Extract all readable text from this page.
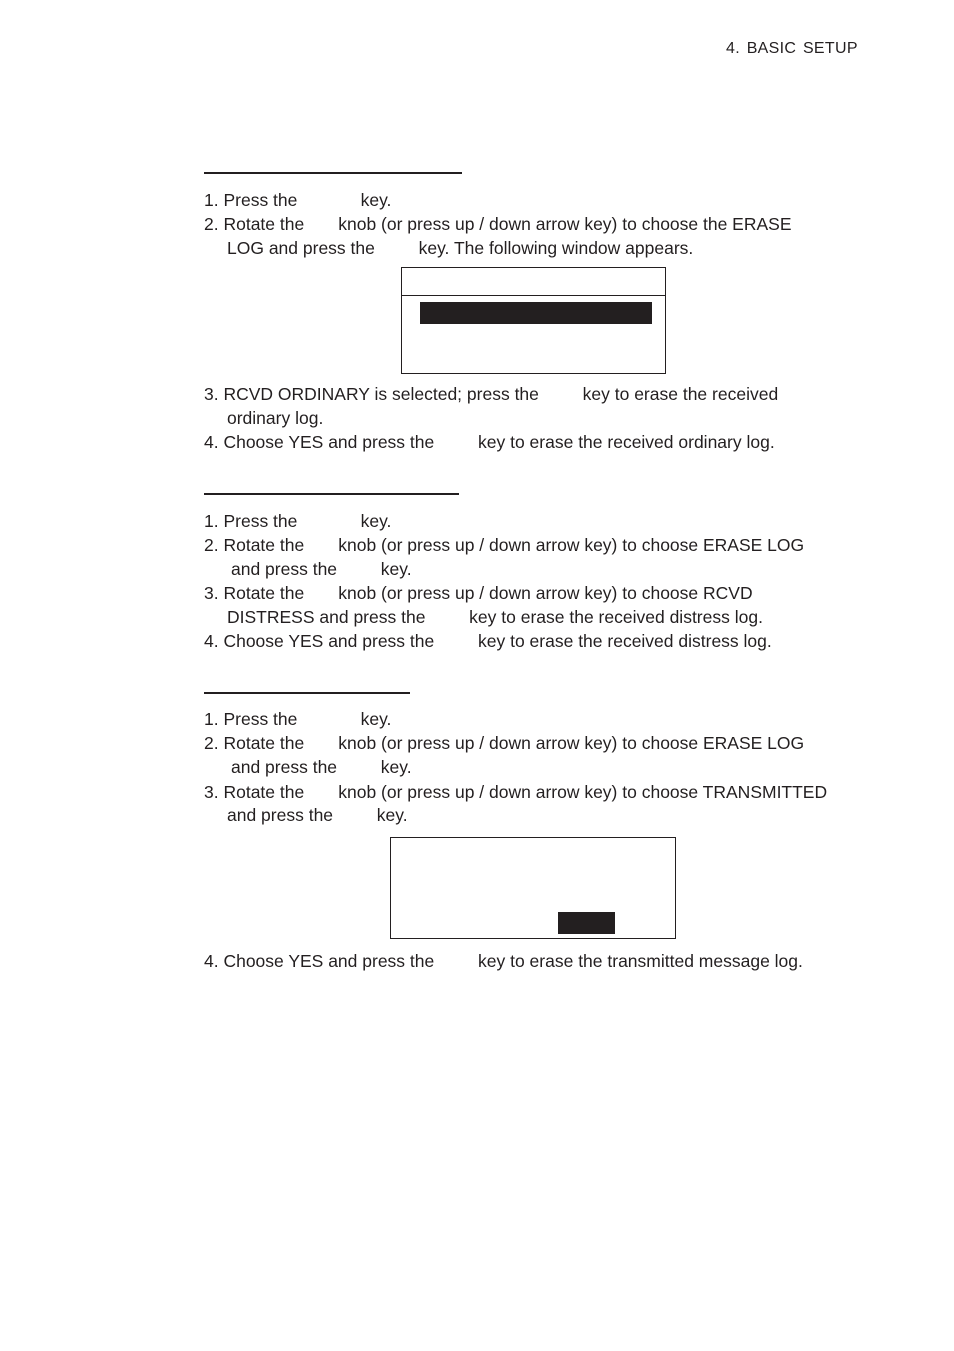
4. BASIC SETUP
1. Press the             key.
2. Rotate the       knob (or press up / down arrow key) to choose the ERASE
LOG and press the         key. The following window appears.
3. RCVD ORDINARY is selected; press the         key to erase the received
ordinary log.
4. Choose YES and press the         key to erase the received ordinary log.
1. Press the             key.
2. Rotate the       knob (or press up / down arrow key) to choose ERASE LOG
and press the         key.
3. Rotate the       knob (or press up / down arrow key) to choose RCVD
DISTRESS and press the         key to erase the received distress log.
4. Choose YES and press the         key to erase the received distress log.
1. Press the             key.
2. Rotate the       knob (or press up / down arrow key) to choose ERASE LOG
and press the         key.
3. Rotate the       knob (or press up / down arrow key) to choose TRANSMITTED
and press the         key.
4. Choose YES and press the         key to erase the transmitted message log.
